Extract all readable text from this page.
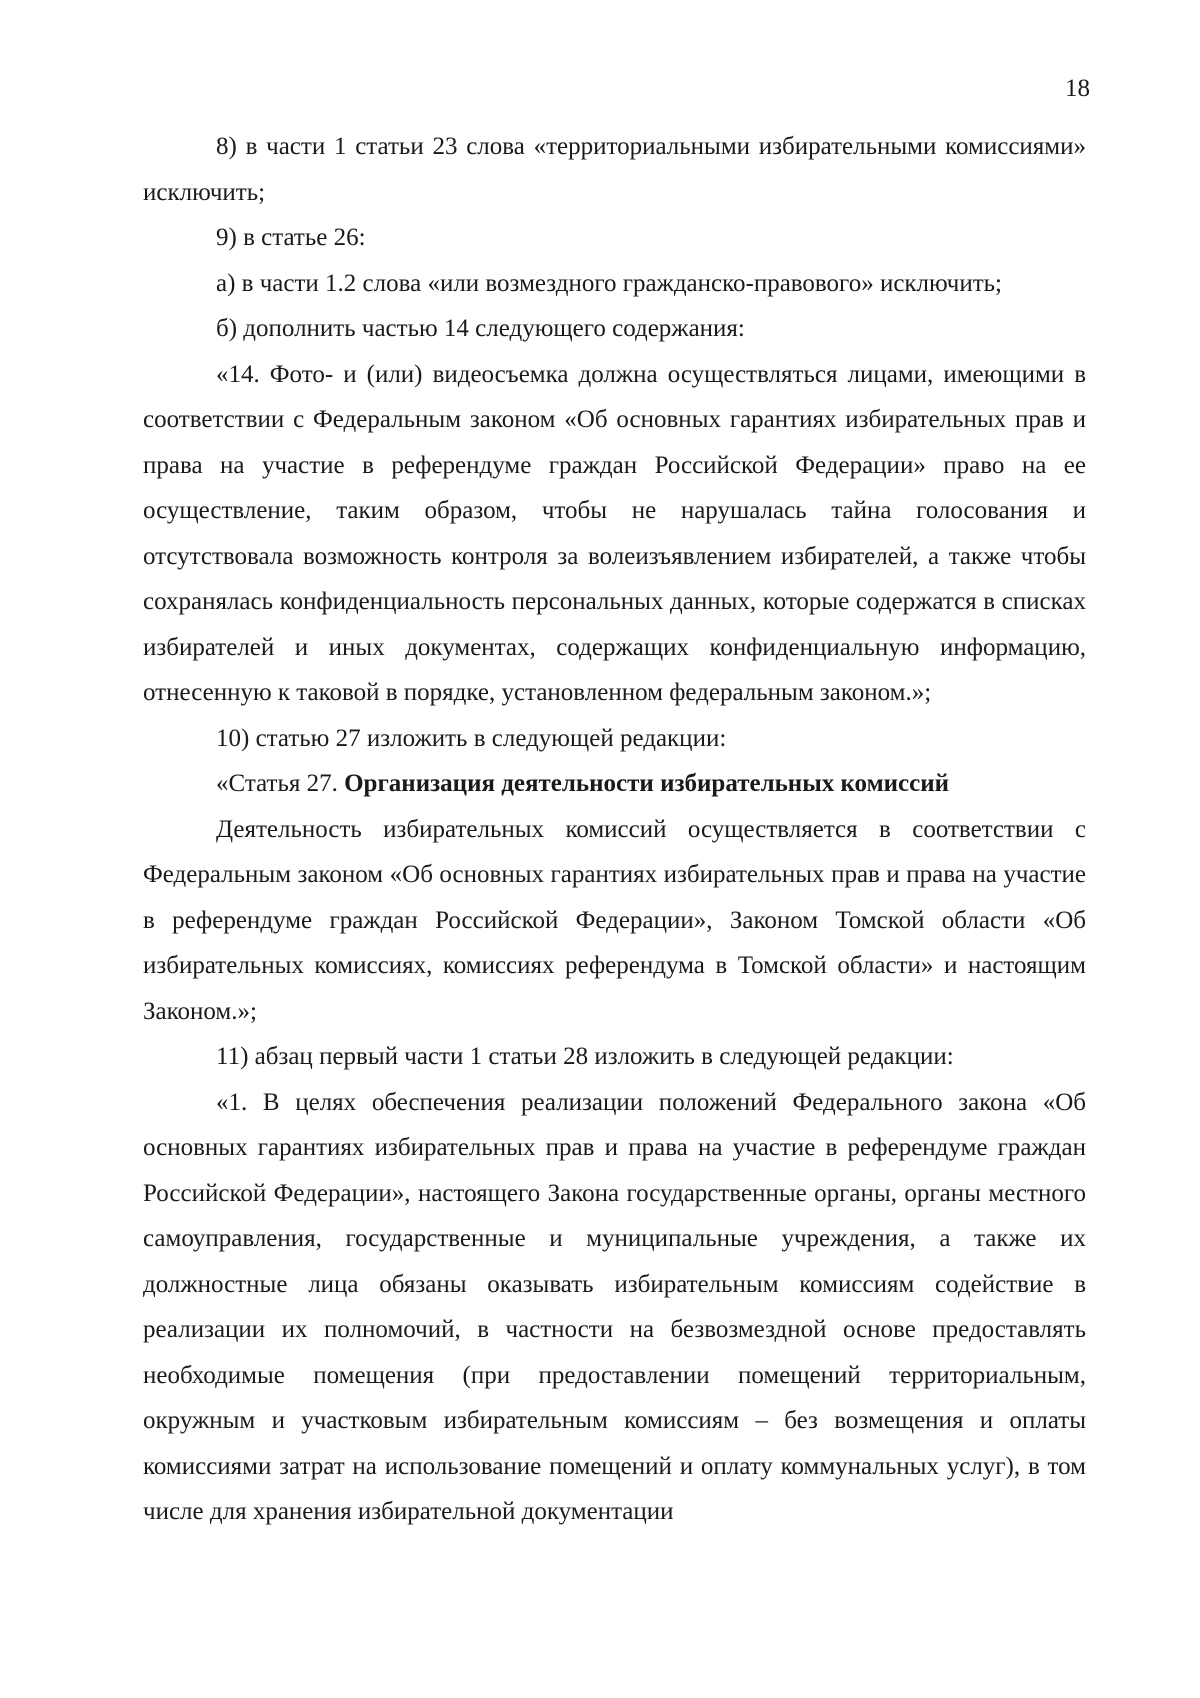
18

8) в части 1 статьи 23 слова «территориальными избирательными комиссиями» исключить;

9) в статье 26:

а) в части 1.2 слова «или возмездного гражданско-правового» исключить;

б) дополнить частью 14 следующего содержания:

«14. Фото- и (или) видеосъемка должна осуществляться лицами, имеющими в соответствии с Федеральным законом «Об основных гарантиях избирательных прав и права на участие в референдуме граждан Российской Федерации» право на ее осуществление, таким образом, чтобы не нарушалась тайна голосования и отсутствовала возможность контроля за волеизъявлением избирателей, а также чтобы сохранялась конфиденциальность персональных данных, которые содержатся в списках избирателей и иных документах, содержащих конфиденциальную информацию, отнесенную к таковой в порядке, установленном федеральным законом.»;

10) статью 27 изложить в следующей редакции:

«Статья 27. Организация деятельности избирательных комиссий

Деятельность избирательных комиссий осуществляется в соответствии с Федеральным законом «Об основных гарантиях избирательных прав и права на участие в референдуме граждан Российской Федерации», Законом Томской области «Об избирательных комиссиях, комиссиях референдума в Томской области» и настоящим Законом.»;

11) абзац первый части 1 статьи 28 изложить в следующей редакции:

«1. В целях обеспечения реализации положений Федерального закона «Об основных гарантиях избирательных прав и права на участие в референдуме граждан Российской Федерации», настоящего Закона государственные органы, органы местного самоуправления, государственные и муниципальные учреждения, а также их должностные лица обязаны оказывать избирательным комиссиям содействие в реализации их полномочий, в частности на безвозмездной основе предоставлять необходимые помещения (при предоставлении помещений территориальным, окружным и участковым избирательным комиссиям – без возмещения и оплаты комиссиями затрат на использование помещений и оплату коммунальных услуг), в том числе для хранения избирательной документации
